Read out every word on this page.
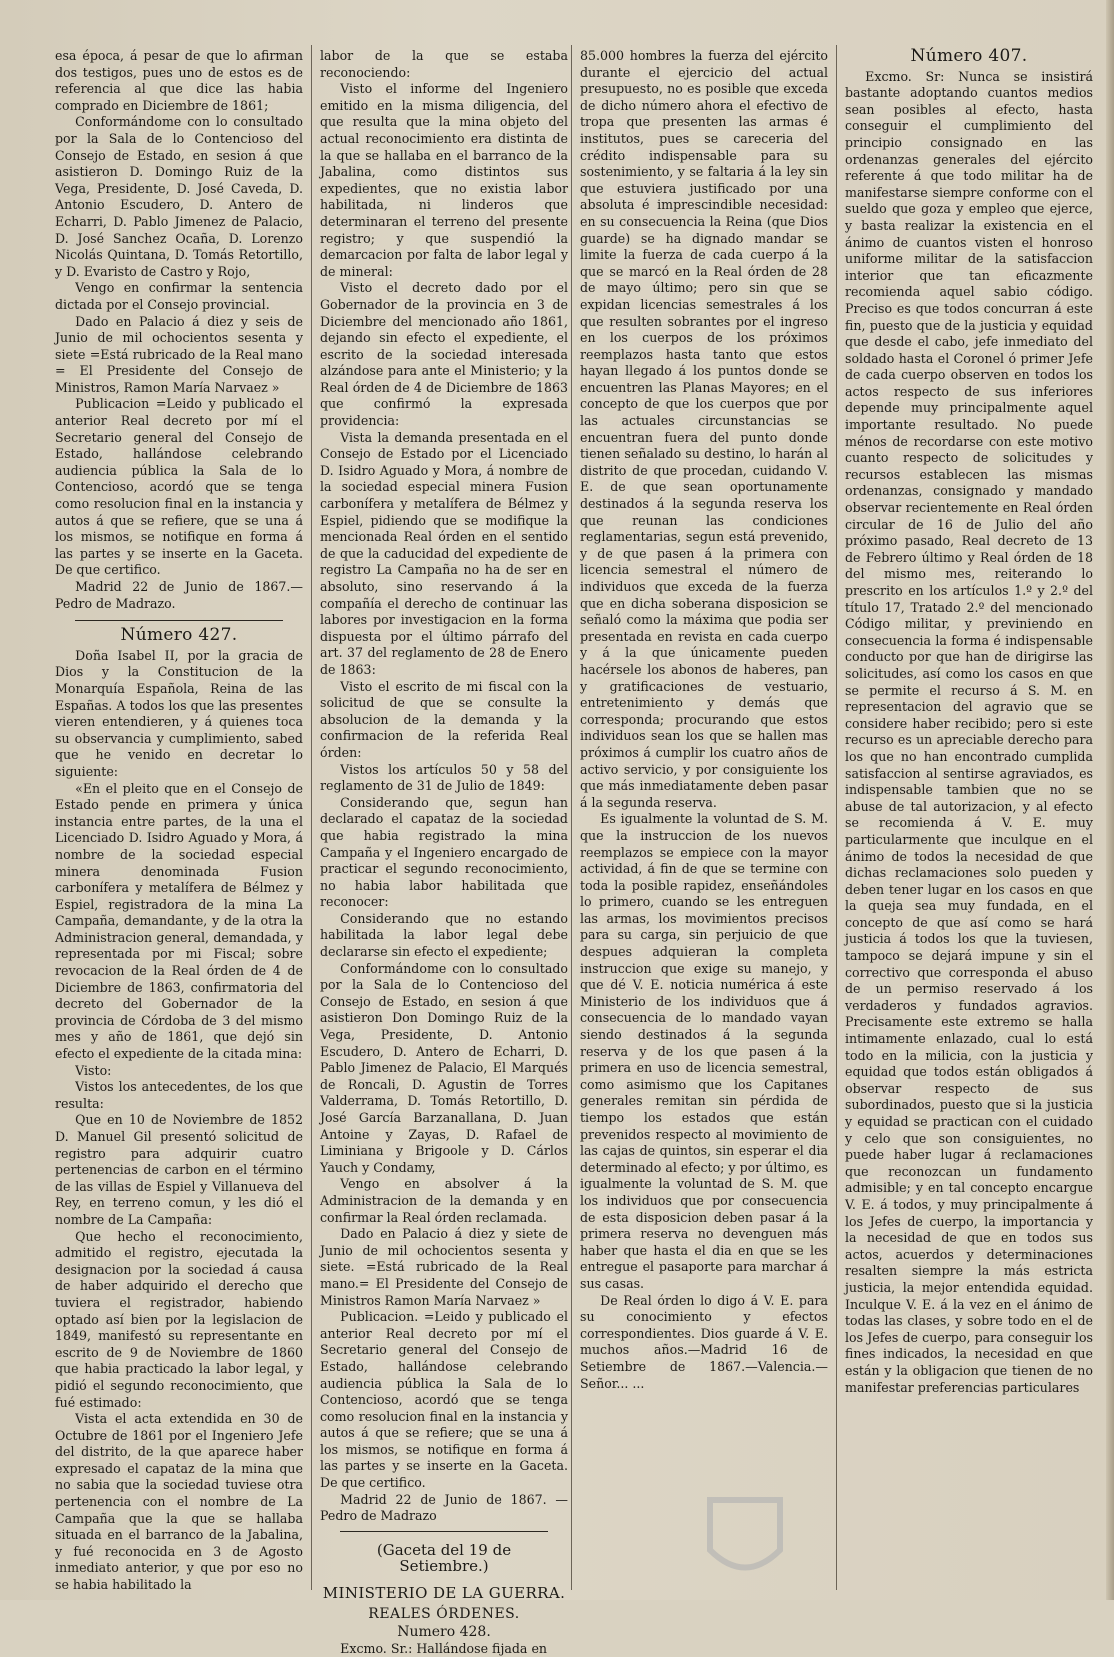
esa época, á pesar de que lo afirman dos testigos, pues uno de estos es de referencia al que dice las habia comprado en Diciembre de 1861;

Conformándome con lo consultado por la Sala de lo Contencioso del Consejo de Estado, en sesion á que asistieron D. Domingo Ruiz de la Vega, Presidente, D. José Caveda, D. Antonio Escudero, D. Antero de Echarri, D. Pablo Jimenez de Palacio, D. José Sanchez Ocaña, D. Lorenzo Nicolás Quintana, D. Tomás Retortillo, y D. Evaristo de Castro y Rojo,

Vengo en confirmar la sentencia dictada por el Consejo provincial.

Dado en Palacio á diez y seis de Junio de mil ochocientos sesenta y siete =Está rubricado de la Real mano = El Presidente del Consejo de Ministros, Ramon María Narvaez »

Publicacion =Leido y publicado el anterior Real decreto por mí el Secretario general del Consejo de Estado, hallándose celebrando audiencia pública la Sala de lo Contencioso, acordó que se tenga como resolucion final en la instancia y autos á que se refiere, que se una á los mismos, se notifique en forma á las partes y se inserte en la Gaceta. De que certifico.

Madrid 22 de Junio de 1867.—Pedro de Madrazo.

Número 427.

Doña Isabel II, por la gracia de Dios y la Constitucion de la Monarquía Española, Reina de las Españas. A todos los que las presentes vieren entendieren, y á quienes toca su observancia y cumplimiento, sabed que he venido en decretar lo siguiente:

«En el pleito que en el Consejo de Estado pende en primera y única instancia entre partes, de la una el Licenciado D. Isidro Aguado y Mora, á nombre de la sociedad especial minera denominada Fusion carbonífera y metalífera de Bélmez y Espiel, registradora de la mina La Campaña, demandante, y de la otra la Administracion general, demandada, y representada por mi Fiscal; sobre revocacion de la Real órden de 4 de Diciembre de 1863, confirmatoria del decreto del Gobernador de la provincia de Córdoba de 3 del mismo mes y año de 1861, que dejó sin efecto el expediente de la citada mina:

Visto:

Vistos los antecedentes, de los que resulta:

Que en 10 de Noviembre de 1852 D. Manuel Gil presentó solicitud de registro para adquirir cuatro pertenencias de carbon en el término de las villas de Espiel y Villanueva del Rey, en terreno comun, y les dió el nombre de La Campaña:

Que hecho el reconocimiento, admitido el registro, ejecutada la designacion por la sociedad á causa de haber adquirido el derecho que tuviera el registrador, habiendo optado así bien por la legislacion de 1849, manifestó su representante en escrito de 9 de Noviembre de 1860 que habia practicado la labor legal, y pidió el segundo reconocimiento, que fué estimado:

Vista el acta extendida en 30 de Octubre de 1861 por el Ingeniero Jefe del distrito, de la que aparece haber expresado el capataz de la mina que no sabia que la sociedad tuviese otra pertenencia con el nombre de La Campaña que la que se hallaba situada en el barranco de la Jabalina, y fué reconocida en 3 de Agosto inmediato anterior, y que por eso no se habia habilitado la

labor de la que se estaba reconociendo:

Visto el informe del Ingeniero emitido en la misma diligencia, del que resulta que la mina objeto del actual reconocimiento era distinta de la que se hallaba en el barranco de la Jabalina, como distintos sus expedientes, que no existia labor habilitada, ni linderos que determinaran el terreno del presente registro; y que suspendió la demarcacion por falta de labor legal y de mineral:

Visto el decreto dado por el Gobernador de la provincia en 3 de Diciembre del mencionado año 1861, dejando sin efecto el expediente, el escrito de la sociedad interesada alzándose para ante el Ministerio; y la Real órden de 4 de Diciembre de 1863 que confirmó la expresada providencia:

Vista la demanda presentada en el Consejo de Estado por el Licenciado D. Isidro Aguado y Mora, á nombre de la sociedad especial minera Fusion carbonífera y metalífera de Bélmez y Espiel, pidiendo que se modifique la mencionada Real órden en el sentido de que la caducidad del expediente de registro La Campaña no ha de ser en absoluto, sino reservando á la compañía el derecho de continuar las labores por investigacion en la forma dispuesta por el último párrafo del art. 37 del reglamento de 28 de Enero de 1863:

Visto el escrito de mi fiscal con la solicitud de que se consulte la absolucion de la demanda y la confirmacion de la referida Real órden:

Vistos los artículos 50 y 58 del reglamento de 31 de Julio de 1849:

Considerando que, segun han declarado el capataz de la sociedad que habia registrado la mina Campaña y el Ingeniero encargado de practicar el segundo reconocimiento, no habia labor habilitada que reconocer:

Considerando que no estando habilitada la labor legal debe declararse sin efecto el expediente;

Conformándome con lo consultado por la Sala de lo Contencioso del Consejo de Estado, en sesion á que asistieron Don Domingo Ruiz de la Vega, Presidente, D. Antonio Escudero, D. Antero de Echarri, D. Pablo Jimenez de Palacio, El Marqués de Roncali, D. Agustin de Torres Valderrama, D. Tomás Retortillo, D. José García Barzanallana, D. Juan Antoine y Zayas, D. Rafael de Liminiana y Brigoole y D. Cárlos Yauch y Condamy,

Vengo en absolver á la Administracion de la demanda y en confirmar la Real órden reclamada.

Dado en Palacio á diez y siete de Junio de mil ochocientos sesenta y siete. =Está rubricado de la Real mano.= El Presidente del Consejo de Ministros Ramon María Narvaez »

Publicacion. =Leido y publicado el anterior Real decreto por mí el Secretario general del Consejo de Estado, hallándose celebrando audiencia pública la Sala de lo Contencioso, acordó que se tenga como resolucion final en la instancia y autos á que se refiere; que se una á los mismos, se notifique en forma á las partes y se inserte en la Gaceta. De que certifico.

Madrid 22 de Junio de 1867. —Pedro de Madrazo

(Gaceta del 19 de Setiembre.)

MINISTERIO DE LA GUERRA.
REALES ÓRDENES.
Numero 428.

Excmo. Sr.: Hallándose fijada en

85.000 hombres la fuerza del ejército durante el ejercicio del actual presupuesto, no es posible que exceda de dicho número ahora el efectivo de tropa que presenten las armas é institutos, pues se careceria del crédito indispensable para su sostenimiento, y se faltaria á la ley sin que estuviera justificado por una absoluta é imprescindible necesidad: en su consecuencia la Reina (que Dios guarde) se ha dignado mandar se limite la fuerza de cada cuerpo á la que se marcó en la Real órden de 28 de mayo último; pero sin que se expidan licencias semestrales á los que resulten sobrantes por el ingreso en los cuerpos de los próximos reemplazos hasta tanto que estos hayan llegado á los puntos donde se encuentren las Planas Mayores; en el concepto de que los cuerpos que por las actuales circunstancias se encuentran fuera del punto donde tienen señalado su destino, lo harán al distrito de que procedan, cuidando V. E. de que sean oportunamente destinados á la segunda reserva los que reunan las condiciones reglamentarias, segun está prevenido, y de que pasen á la primera con licencia semestral el número de individuos que exceda de la fuerza que en dicha soberana disposicion se señaló como la máxima que podia ser presentada en revista en cada cuerpo y á la que únicamente pueden hacérsele los abonos de haberes, pan y gratificaciones de vestuario, entretenimiento y demás que corresponda; procurando que estos individuos sean los que se hallen mas próximos á cumplir los cuatro años de activo servicio, y por consiguiente los que más inmediatamente deben pasar á la segunda reserva.

Es igualmente la voluntad de S. M. que la instruccion de los nuevos reemplazos se empiece con la mayor actividad, á fin de que se termine con toda la posible rapidez, enseñándoles lo primero, cuando se les entreguen las armas, los movimientos precisos para su carga, sin perjuicio de que despues adquieran la completa instruccion que exige su manejo, y que dé V. E. noticia numérica á este Ministerio de los individuos que á consecuencia de lo mandado vayan siendo destinados á la segunda reserva y de los que pasen á la primera en uso de licencia semestral, como asimismo que los Capitanes generales remitan sin pérdida de tiempo los estados que están prevenidos respecto al movimiento de las cajas de quintos, sin esperar el dia determinado al efecto; y por último, es igualmente la voluntad de S. M. que los individuos que por consecuencia de esta disposicion deben pasar á la primera reserva no devenguen más haber que hasta el dia en que se les entregue el pasaporte para marchar á sus casas.

De Real órden lo digo á V. E. para su conocimiento y efectos correspondientes. Dios guarde á V. E. muchos años.—Madrid 16 de Setiembre de 1867.—Valencia.— Señor... ...

Número 407.

Excmo. Sr: Nunca se insistirá bastante adoptando cuantos medios sean posibles al efecto, hasta conseguir el cumplimiento del principio consignado en las ordenanzas generales del ejército referente á que todo militar ha de manifestarse siempre conforme con el sueldo que goza y empleo que ejerce, y basta realizar la existencia en el ánimo de cuantos visten el honroso uniforme militar de la satisfaccion interior que tan eficazmente recomienda aquel sabio código. Preciso es que todos concurran á este fin, puesto que de la justicia y equidad que desde el cabo, jefe inmediato del soldado hasta el Coronel ó primer Jefe de cada cuerpo observen en todos los actos respecto de sus inferiores depende muy principalmente aquel importante resultado. No puede ménos de recordarse con este motivo cuanto respecto de solicitudes y recursos establecen las mismas ordenanzas, consignado y mandado observar recientemente en Real órden circular de 16 de Julio del año próximo pasado, Real decreto de 13 de Febrero último y Real órden de 18 del mismo mes, reiterando lo prescrito en los artículos 1.º y 2.º del título 17, Tratado 2.º del mencionado Código militar, y previniendo en consecuencia la forma é indispensable conducto por que han de dirigirse las solicitudes, así como los casos en que se permite el recurso á S. M. en representacion del agravio que se considere haber recibido; pero si este recurso es un apreciable derecho para los que no han encontrado cumplida satisfaccion al sentirse agraviados, es indispensable tambien que no se abuse de tal autorizacion, y al efecto se recomienda á V. E. muy particularmente que inculque en el ánimo de todos la necesidad de que dichas reclamaciones solo pueden y deben tener lugar en los casos en que la queja sea muy fundada, en el concepto de que así como se hará justicia á todos los que la tuviesen, tampoco se dejará impune y sin el correctivo que corresponda el abuso de un permiso reservado á los verdaderos y fundados agravios. Precisamente este extremo se halla intimamente enlazado, cual lo está todo en la milicia, con la justicia y equidad que todos están obligados á observar respecto de sus subordinados, puesto que si la justicia y equidad se practican con el cuidado y celo que son consiguientes, no puede haber lugar á reclamaciones que reconozcan un fundamento admisible; y en tal concepto encargue V. E. á todos, y muy principalmente á los Jefes de cuerpo, la importancia y la necesidad de que en todos sus actos, acuerdos y determinaciones resalten siempre la más estricta justicia, la mejor entendida equidad. Inculque V. E. á la vez en el ánimo de todas las clases, y sobre todo en el de los Jefes de cuerpo, para conseguir los fines indicados, la necesidad en que están y la obligacion que tienen de no manifestar preferencias particulares
